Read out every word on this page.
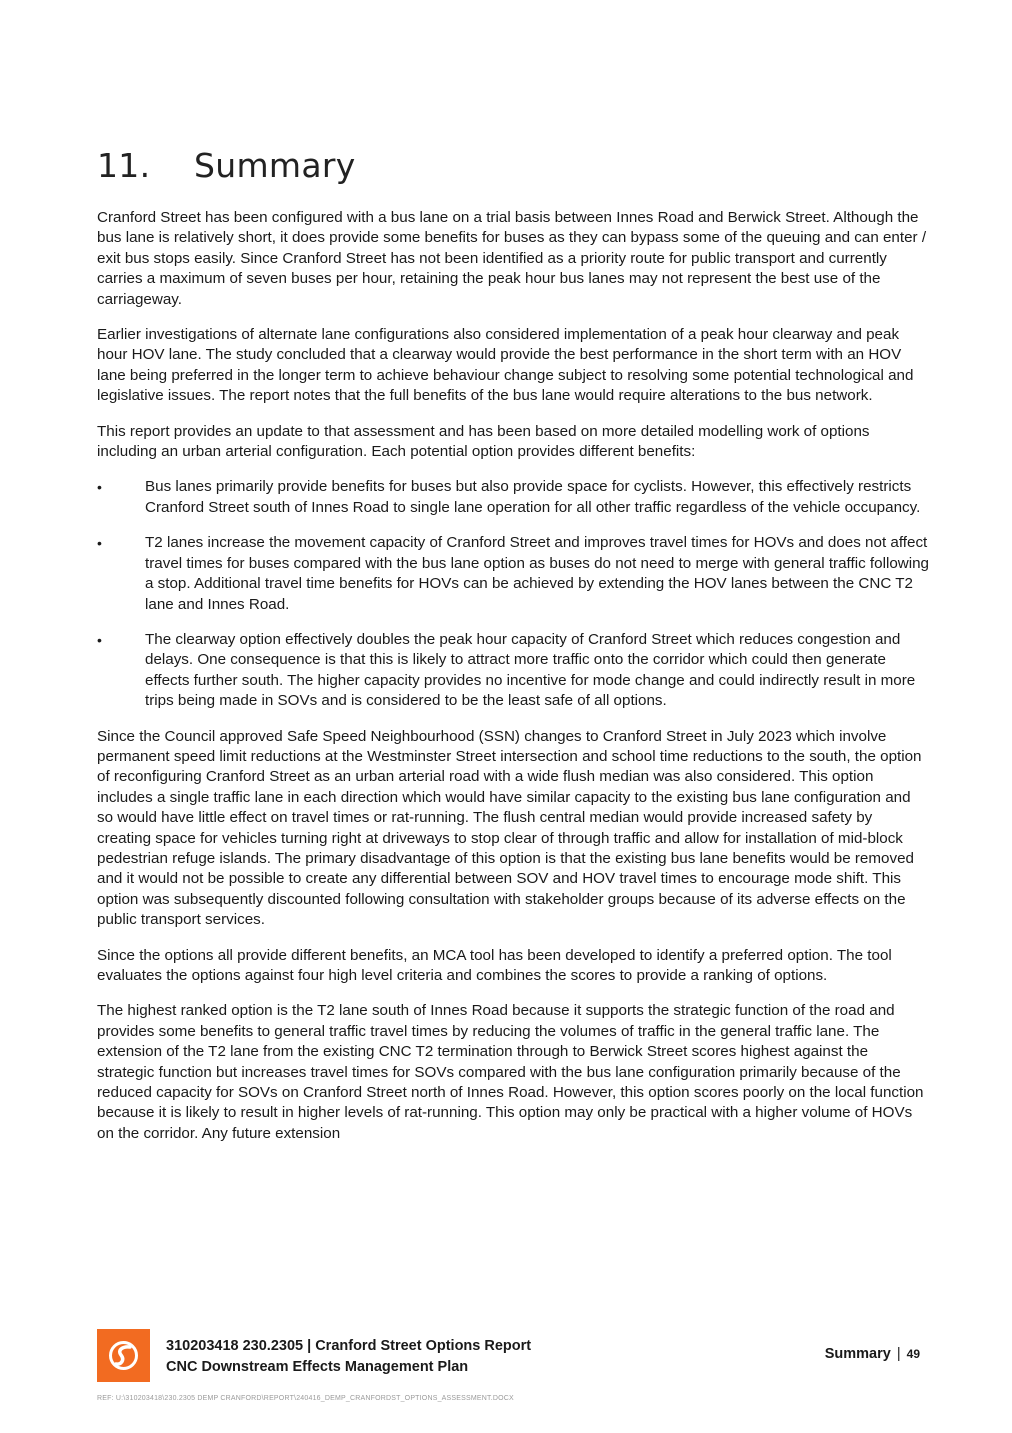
11.	Summary

Cranford Street has been configured with a bus lane on a trial basis between Innes Road and Berwick Street. Although the bus lane is relatively short, it does provide some benefits for buses as they can bypass some of the queuing and can enter / exit bus stops easily. Since Cranford Street has not been identified as a priority route for public transport and currently carries a maximum of seven buses per hour, retaining the peak hour bus lanes may not represent the best use of the carriageway.

Earlier investigations of alternate lane configurations also considered implementation of a peak hour clearway and peak hour HOV lane. The study concluded that a clearway would provide the best performance in the short term with an HOV lane being preferred in the longer term to achieve behaviour change subject to resolving some potential technological and legislative issues. The report notes that the full benefits of the bus lane would require alterations to the bus network.

This report provides an update to that assessment and has been based on more detailed modelling work of options including an urban arterial configuration. Each potential option provides different benefits:

•	Bus lanes primarily provide benefits for buses but also provide space for cyclists. However, this effectively restricts Cranford Street south of Innes Road to single lane operation for all other traffic regardless of the vehicle occupancy.
•	T2 lanes increase the movement capacity of Cranford Street and improves travel times for HOVs and does not affect travel times for buses compared with the bus lane option as buses do not need to merge with general traffic following a stop. Additional travel time benefits for HOVs can be achieved by extending the HOV lanes between the CNC T2 lane and Innes Road.
•	The clearway option effectively doubles the peak hour capacity of Cranford Street which reduces congestion and delays. One consequence is that this is likely to attract more traffic onto the corridor which could then generate effects further south. The higher capacity provides no incentive for mode change and could indirectly result in more trips being made in SOVs and is considered to be the least safe of all options.

Since the Council approved Safe Speed Neighbourhood (SSN) changes to Cranford Street in July 2023 which involve permanent speed limit reductions at the Westminster Street intersection and school time reductions to the south, the option of reconfiguring Cranford Street as an urban arterial road with a wide flush median was also considered. This option includes a single traffic lane in each direction which would have similar capacity to the existing bus lane configuration and so would have little effect on travel times or rat-running. The flush central median would provide increased safety by creating space for vehicles turning right at driveways to stop clear of through traffic and allow for installation of mid-block pedestrian refuge islands. The primary disadvantage of this option is that the existing bus lane benefits would be removed and it would not be possible to create any differential between SOV and HOV travel times to encourage mode shift. This option was subsequently discounted following consultation with stakeholder groups because of its adverse effects on the public transport services.

Since the options all provide different benefits, an MCA tool has been developed to identify a preferred option. The tool evaluates the options against four high level criteria and combines the scores to provide a ranking of options.

The highest ranked option is the T2 lane south of Innes Road because it supports the strategic function of the road and provides some benefits to general traffic travel times by reducing the volumes of traffic in the general traffic lane. The extension of the T2 lane from the existing CNC T2 termination through to Berwick Street scores highest against the strategic function but increases travel times for SOVs compared with the bus lane configuration primarily because of the reduced capacity for SOVs on Cranford Street north of Innes Road. However, this option scores poorly on the local function because it is likely to result in higher levels of rat-running. This option may only be practical with a higher volume of HOVs on the corridor. Any future extension

310203418 230.2305 | Cranford Street Options Report
CNC Downstream Effects Management Plan
Summary | 49
REF: U:\310203418\230.2305 DEMP CRANFORD\REPORT\240416_DEMP_CRANFORDST_OPTIONS_ASSESSMENT.DOCX
